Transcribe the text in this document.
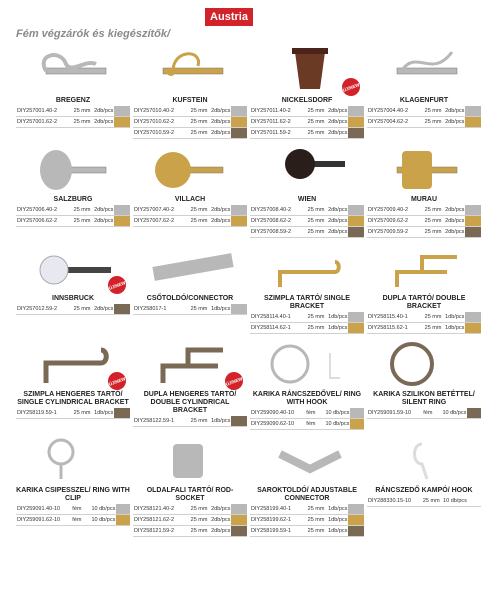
Austria
Fém végzárók és kiegészítők/
BREGENZ
DIY257001.40-2	25 mm	2db/pcs	

DIY257001.62-2	25 mm	2db/pcs	
KUFSTEIN
DIY257010.40-2	25 mm	2db/pcs	

DIY257010.62-2	25 mm	2db/pcs	

DIY257010.59-2	25 mm	2db/pcs	
ÚJ/NEW
NICKELSDORF
DIY257011.40-2	25 mm	2db/pcs	

DIY257011.62-2	25 mm	2db/pcs	

DIY257011.59-2	25 mm	2db/pcs	
KLAGENFURT
DIY257004.40-2	25 mm	2db/pcs	

DIY257004.62-2	25 mm	2db/pcs	
SALZBURG
DIY257006.40-2	25 mm	2db/pcs	

DIY257006.62-2	25 mm	2db/pcs	
VILLACH
DIY257007.40-2	25 mm	2db/pcs	

DIY257007.62-2	25 mm	2db/pcs	
WIEN
DIY257008.40-2	25 mm	2db/pcs	

DIY257008.62-2	25 mm	2db/pcs	

DIY257008.59-2	25 mm	2db/pcs	
MURAU
DIY257009.40-2	25 mm	2db/pcs	

DIY257009.62-2	25 mm	2db/pcs	

DIY257009.59-2	25 mm	2db/pcs	
ÚJ/NEW
INNSBRUCK
DIY257012.59-2	25 mm	2db/pcs	
CSŐTOLDÓ/CONNECTOR
DIY258017-1	25 mm	1db/pcs	
SZIMPLA TARTÓ/ SINGLE BRACKET
DIY258114.40-1	25 mm	1db/pcs	

DIY258114.62-1	25 mm	1db/pcs	
DUPLA TARTÓ/ DOUBLE BRACKET
DIY258115.40-1	25 mm	1db/pcs	

DIY258115.62-1	25 mm	1db/pcs	
ÚJ/NEW
SZIMPLA HENGERES TARTÓ/ SINGLE CYLINDRICAL BRACKET
DIY258119.59-1	25 mm	1db/pcs	
ÚJ/NEW
DUPLA HENGERES TARTÓ/ DOUBLE CYLINDRICAL BRACKET
DIY258122.59-1	25 mm	1db/pcs	
KARIKA RÁNCSZEDŐVEL/ RING WITH HOOK
DIY259090.40-10	fém	10 db/pcs	

DIY259090.62-10	fém	10 db/pcs	
KARIKA SZILIKON BETÉTTEL/ SILENT RING
DIY259091.59-10	fém	10 db/pcs	
KARIKA CSIPESSZEL/ RING WITH CLIP
DIY259091.40-10	fém	10 db/pcs	

DIY259091.62-10	fém	10 db/pcs	
OLDALFALI TARTÓ/ ROD-SOCKET
DIY258121.40-2	25 mm	2db/pcs	

DIY258121.62-2	25 mm	2db/pcs	

DIY258121.59-2	25 mm	2db/pcs	
SAROKTOLDÓ/ ADJUSTABLE CONNECTOR
DIY258199.40-1	25 mm	1db/pcs	

DIY258199.62-1	25 mm	1db/pcs	

DIY258199.59-1	25 mm	1db/pcs	
RÁNCSZEDŐ KAMPÓ/ HOOK
DIY288330.15-10	25 mm	10 db/pcs	
